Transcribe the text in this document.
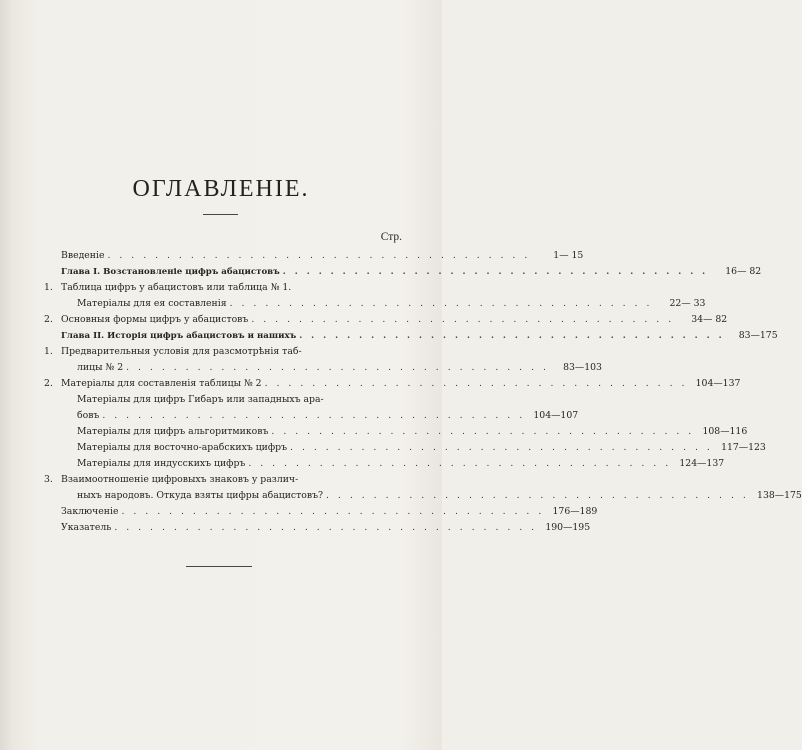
ОГЛАВЛЕНІЕ.
Стр.
Введеніе . . . . . . . . . . . . . . . . . . . . . . . . . . . . . . . . . . . .	1— 15
Глава I. Возстановленіе цифръ абацистовъ . . . . . . . . . . . . . . . . . . . . . . . . . . . . . . . . . . . .	16— 82
1. Таблица цифръ у абацистовъ или таблица № 1.
Матеріалы для ея составленія . . . . . . . . . . . . . . . . . . . . . . . . . . . . . . . . . . . .	22— 33
2. Основныя формы цифръ у абацистовъ . . . . . . . . . . . . . . . . . . . . . . . . . . . . . . . . . . . .	34— 82
Глава II. Исторія цифръ абацистовъ и нашихъ . . . . . . . . . . . . . . . . . . . . . . . . . . . . . . . . . . . .	83—175
1. Предварительныя условія для разсмотрѣнія таб-
лицы № 2 . . . . . . . . . . . . . . . . . . . . . . . . . . . . . . . . . . . .	83—103
2. Матеріалы для составленія таблицы № 2 . . . . . . . . . . . . . . . . . . . . . . . . . . . . . . . . . . . . 104—137
Матеріалы для цифръ Гибаръ или западныхъ ара-
бовъ . . . . . . . . . . . . . . . . . . . . . . . . . . . . . . . . . . . . 104—107
Матеріалы для цифръ альгоритмиковъ . . . . . . . . . . . . . . . . . . . . . . . . . . . . . . . . . . . . 108—116
Матеріалы для восточно-арабскихъ цифръ . . . . . . . . . . . . . . . . . . . . . . . . . . . . . . . . . . . . 117—123
Матеріалы для индусскихъ цифръ . . . . . . . . . . . . . . . . . . . . . . . . . . . . . . . . . . . . 124—137
3. Взаимоотношеніе цифровыхъ знаковъ у различ-
ныхъ народовъ. Откуда взяты цифры абацистовъ? . . . . . . . . . . . . . . . . . . . . . . . . . . . . . . . . . . . . 138—175
Заключеніе . . . . . . . . . . . . . . . . . . . . . . . . . . . . . . . . . . . . 176—189
Указатель . . . . . . . . . . . . . . . . . . . . . . . . . . . . . . . . . . . . 190—195
